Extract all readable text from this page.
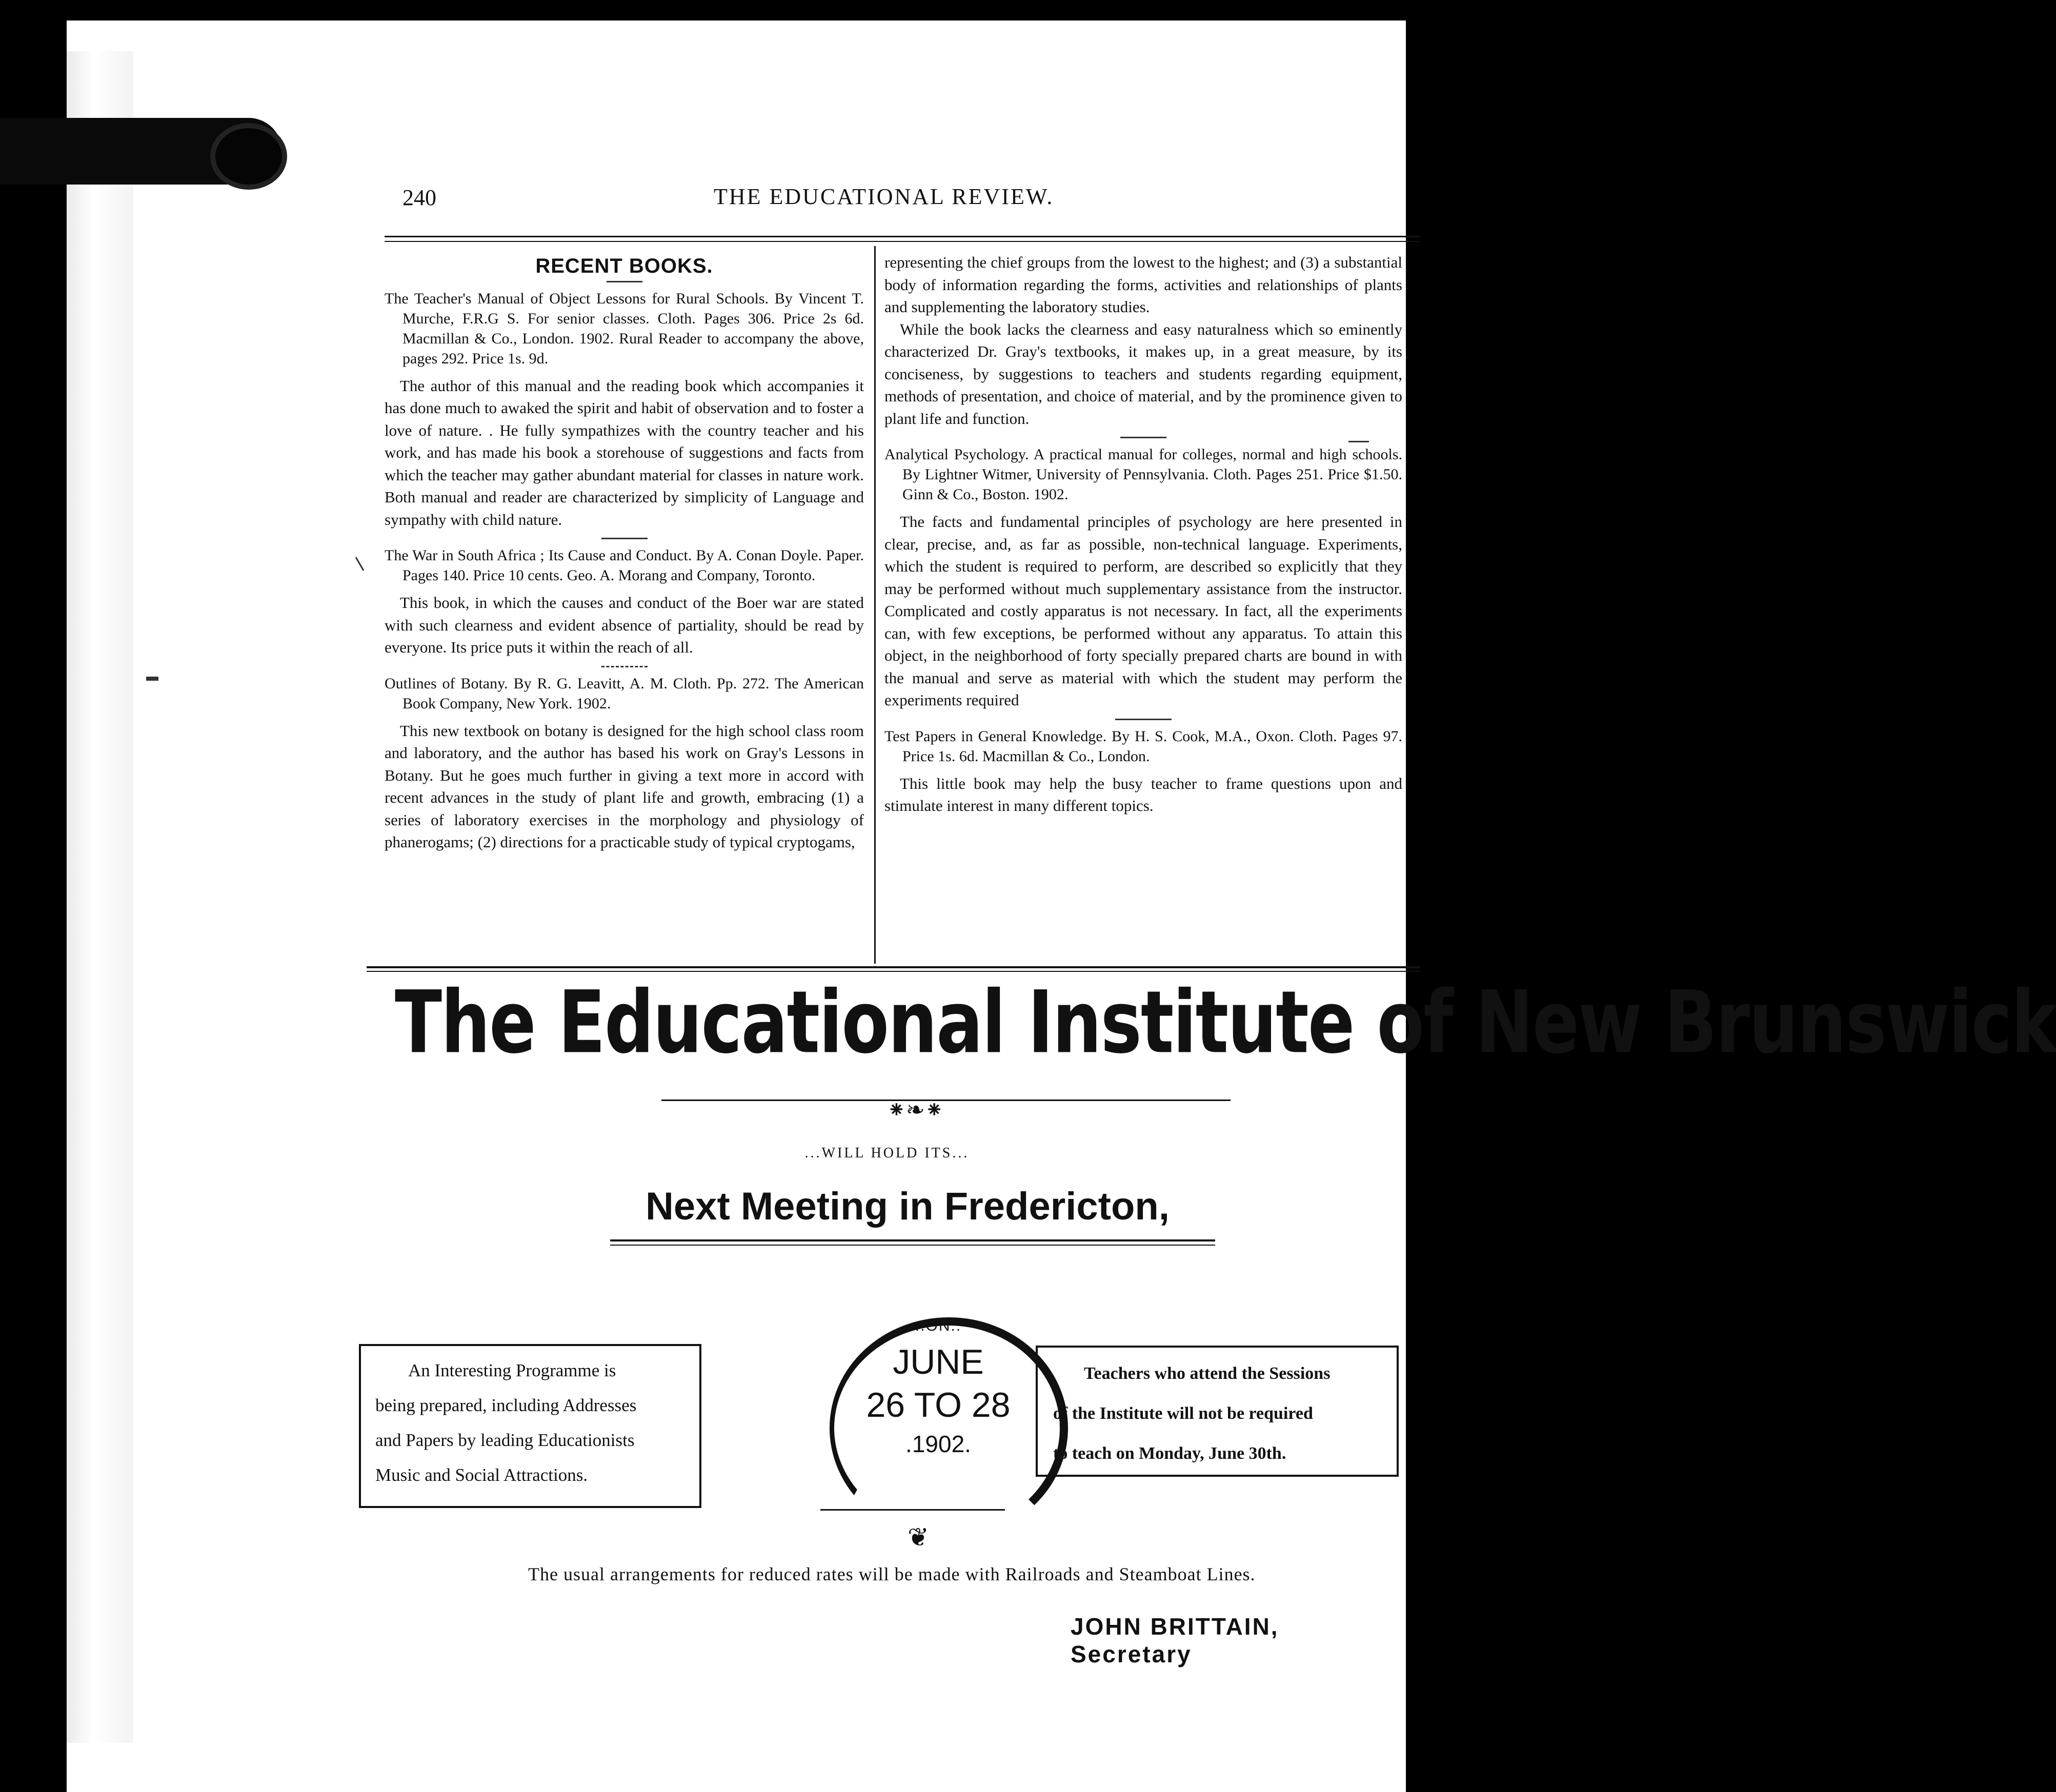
240	THE EDUCATIONAL REVIEW.
RECENT BOOKS.
The Teacher's Manual of Object Lessons for Rural Schools. By Vincent T. Murche, F.R.G S. For senior classes. Cloth. Pages 306. Price 2s 6d. Macmillan & Co., London. 1902. Rural Reader to accompany the above, pages 292. Price 1s. 9d.

The author of this manual and the reading book which accompanies it has done much to awaked the spirit and habit of observation and to foster a love of nature. . He fully sympathizes with the country teacher and his work, and has made his book a storehouse of suggestions and facts from which the teacher may gather abundant material for classes in nature work. Both manual and reader are characterized by simplicity of Language and sympathy with child nature.

The War in South Africa ; Its Cause and Conduct. By A. Conan Doyle. Paper. Pages 140. Price 10 cents. Geo. A. Morang and Company, Toronto.

This book, in which the causes and conduct of the Boer war are stated with such clearness and evident absence of partiality, should be read by everyone. Its price puts it within the reach of all.

Outlines of Botany. By R. G. Leavitt, A. M. Cloth. Pp. 272. The American Book Company, New York. 1902.

This new textbook on botany is designed for the high school class room and laboratory, and the author has based his work on Gray's Lessons in Botany. But he goes much further in giving a text more in accord with recent advances in the study of plant life and growth, embracing (1) a series of laboratory exercises in the morphology and physiology of phanerogams; (2) directions for a practicable study of typical cryptogams,

representing the chief groups from the lowest to the highest; and (3) a substantial body of information regarding the forms, activities and relationships of plants and supplementing the laboratory studies.

While the book lacks the clearness and easy naturalness which so eminently characterized Dr. Gray's textbooks, it makes up, in a great measure, by its conciseness, by suggestions to teachers and students regarding equipment, methods of presentation, and choice of material, and by the prominence given to plant life and function.

Analytical Psychology. A practical manual for colleges, normal and high schools. By Lightner Witmer, University of Pennsylvania. Cloth. Pages 251. Price $1.50. Ginn & Co., Boston. 1902.

The facts and fundamental principles of psychology are here presented in clear, precise, and, as far as possible, non-technical language. Experiments, which the student is required to perform, are described so explicitly that they may be performed without much supplementary assistance from the instructor. Complicated and costly apparatus is not necessary. In fact, all the experiments can, with few exceptions, be performed without any apparatus. To attain this object, in the neighborhood of forty specially prepared charts are bound in with the manual and serve as material with which the student may perform the experiments required

Test Papers in General Knowledge. By H. S. Cook, M.A., Oxon. Cloth. Pages 97. Price 1s. 6d. Macmillan & Co., London.

This little book may help the busy teacher to frame questions upon and stimulate interest in many different topics.

The Educational Institute of New Brunswick
⁕❧⁕
...WILL HOLD ITS...
Next Meeting in Fredericton,
An Interesting Programme is
being prepared, including Addresses
and Papers by leading Educationists
Music and Social Attractions.
..ON..
JUNE
26 TO 28
.1902.
❦
Teachers who attend the Sessions
of the Institute will not be required
to teach on Monday, June 30th.
The usual arrangements for reduced rates will be made with Railroads and Steamboat Lines.
JOHN BRITTAIN, Secretary
